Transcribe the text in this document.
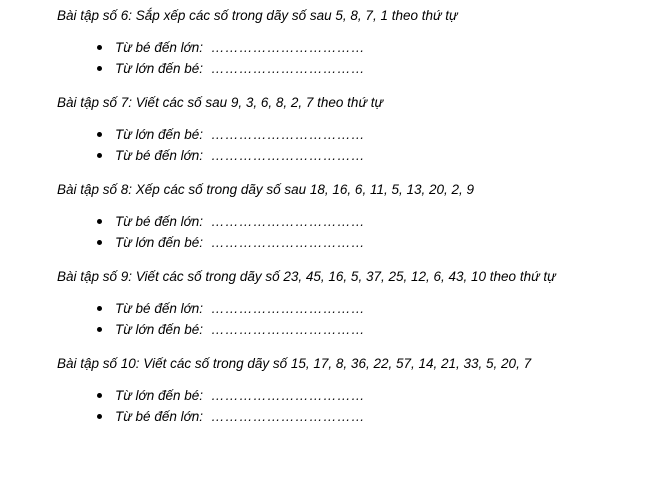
Bài tập số 6: Sắp xếp các số trong dãy số sau 5, 8, 7, 1 theo thứ tự

Từ bé đến lớn: ……………………………
Từ lớn đến bé: ……………………………

Bài tập số 7: Viết các số sau 9, 3, 6, 8, 2, 7 theo thứ tự

Từ lớn đến bé: ……………………………
Từ bé đến lớn: ……………………………

Bài tập số 8: Xếp các số trong dãy số sau 18, 16, 6, 11, 5, 13, 20, 2, 9

Từ bé đến lớn: ……………………………
Từ lớn đến bé: ……………………………

Bài tập số 9: Viết các số trong dãy số 23, 45, 16, 5, 37, 25, 12, 6, 43, 10 theo thứ tự

Từ bé đến lớn: ……………………………
Từ lớn đến bé: ……………………………

Bài tập số 10: Viết các số trong dãy số 15, 17, 8, 36, 22, 57, 14, 21, 33, 5, 20, 7

Từ lớn đến bé: ……………………………
Từ bé đến lớn: ……………………………
